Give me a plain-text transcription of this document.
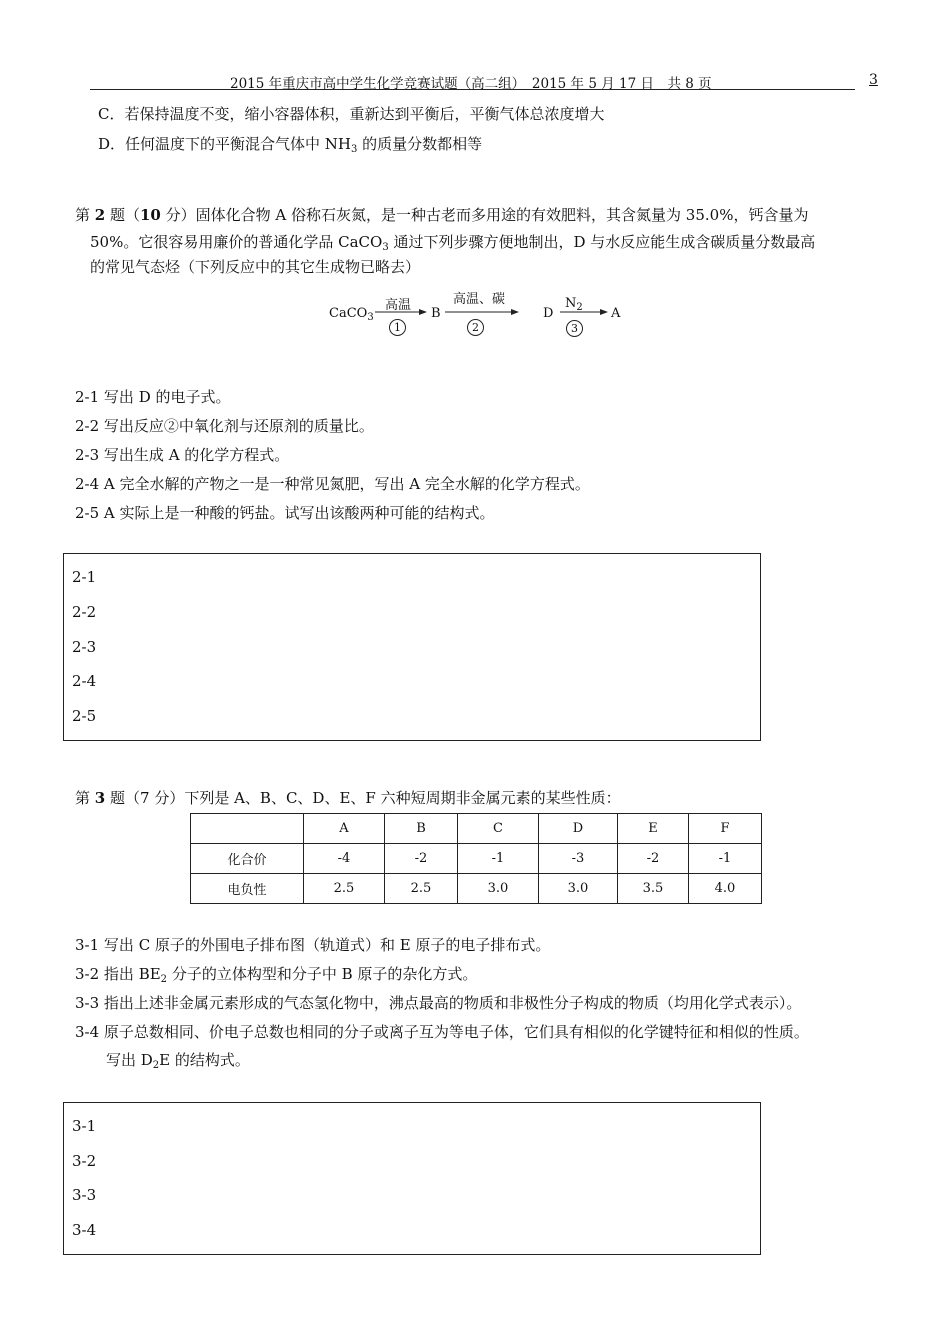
2015 年重庆市高中学生化学竞赛试题（高二组）　2015 年 5 月 17 日　共 8 页	3
C．若保持温度不变，缩小容器体积，重新达到平衡后，平衡气体总浓度增大
D．任何温度下的平衡混合气体中 $NH_3$ 的质量分数都相等
第 2 题（10 分）固体化合物 A 俗称石灰氮，是一种古老而多用途的有效肥料，其含氮量为 35.0%，钙含量为
50%。它很容易用廉价的普通化学品 CaCO$_3$ 通过下列步骤方便地制出，D 与水反应能生成含碳质量分数最高
的常见气态烃（下列反应中的其它生成物已略去）
CaCO$_3$
高温
1
B
高温、碳
2
D
$N_2$
3
A
2-1 写出 D 的电子式。
2-2 写出反应②中氧化剂与还原剂的质量比。
2-3 写出生成 A 的化学方程式。
2-4 A 完全水解的产物之一是一种常见氮肥，写出 A 完全水解的化学方程式。
2-5 A 实际上是一种酸的钙盐。试写出该酸两种可能的结构式。
2-1
2-2
2-3
2-4
2-5
第 3 题（7 分）下列是 A、B、C、D、E、F 六种短周期非金属元素的某些性质：
	A	B	C	D	E	F
化合价	-4	-2	-1	-3	-2	-1
电负性	2.5	2.5	3.0	3.0	3.5	4.0
3-1 写出 C 原子的外围电子排布图（轨道式）和 E 原子的电子排布式。
3-2 指出 $BE_2$ 分子的立体构型和分子中 B 原子的杂化方式。
3-3 指出上述非金属元素形成的气态氢化物中，沸点最高的物质和非极性分子构成的物质（均用化学式表示）。
3-4 原子总数相同、价电子总数也相同的分子或离子互为等电子体，它们具有相似的化学键特征和相似的性质。
写出 $D_2E$ 的结构式。
3-1
3-2
3-3
3-4
